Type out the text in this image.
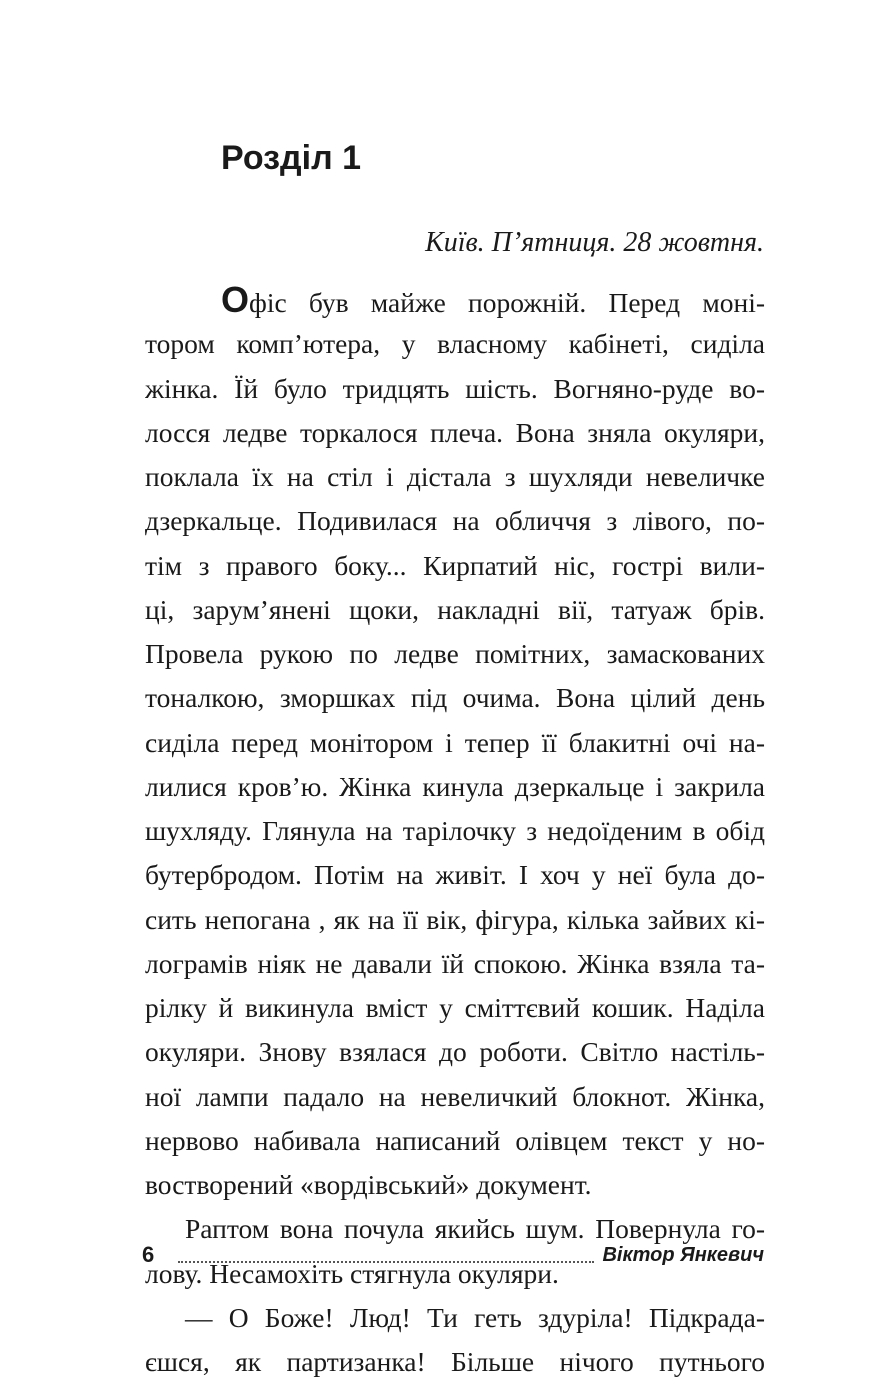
Розділ 1

Київ. П’ятниця. 28 жовтня.

Офіс був майже порожній. Перед моні-
тором комп’ютера, у власному кабінеті, сиділа
жінка. Їй було тридцять шість. Вогняно-руде во-
лосся ледве торкалося плеча. Вона зняла окуляри,
поклала їх на стіл і дістала з шухляди невеличке
дзеркальце. Подивилася на обличчя з лівого, по-
тім з правого боку... Кирпатий ніс, гострі вили-
ці, зарум’янені щоки, накладні вії, татуаж брів.
Провела рукою по ледве помітних, замаскованих
тоналкою, зморшках під очима. Вона цілий день
сиділа перед монітором і тепер її блакитні очі на-
лилися кров’ю. Жінка кинула дзеркальце і закрила
шухляду. Глянула на тарілочку з недоїденим в обід
бутербродом. Потім на живіт. І хоч у неї була до-
сить непогана , як на її вік, фігура, кілька зайвих кі-
лограмів ніяк не давали їй спокою. Жінка взяла та-
рілку й викинула вміст у сміттєвий кошик. Наділа
окуляри. Знову взялася до роботи. Світло настіль-
ної лампи падало на невеличкий блокнот. Жінка,
нервово набивала написаний олівцем текст у но-
востворений «вордівський» документ.
Раптом вона почула якийсь шум. Повернула го-
лову. Несамохіть стягнула окуляри.
— О Боже! Люд! Ти геть здуріла! Підкрада-
єшся, як партизанка! Більше нічого путнього
6	Віктор Янкевич
